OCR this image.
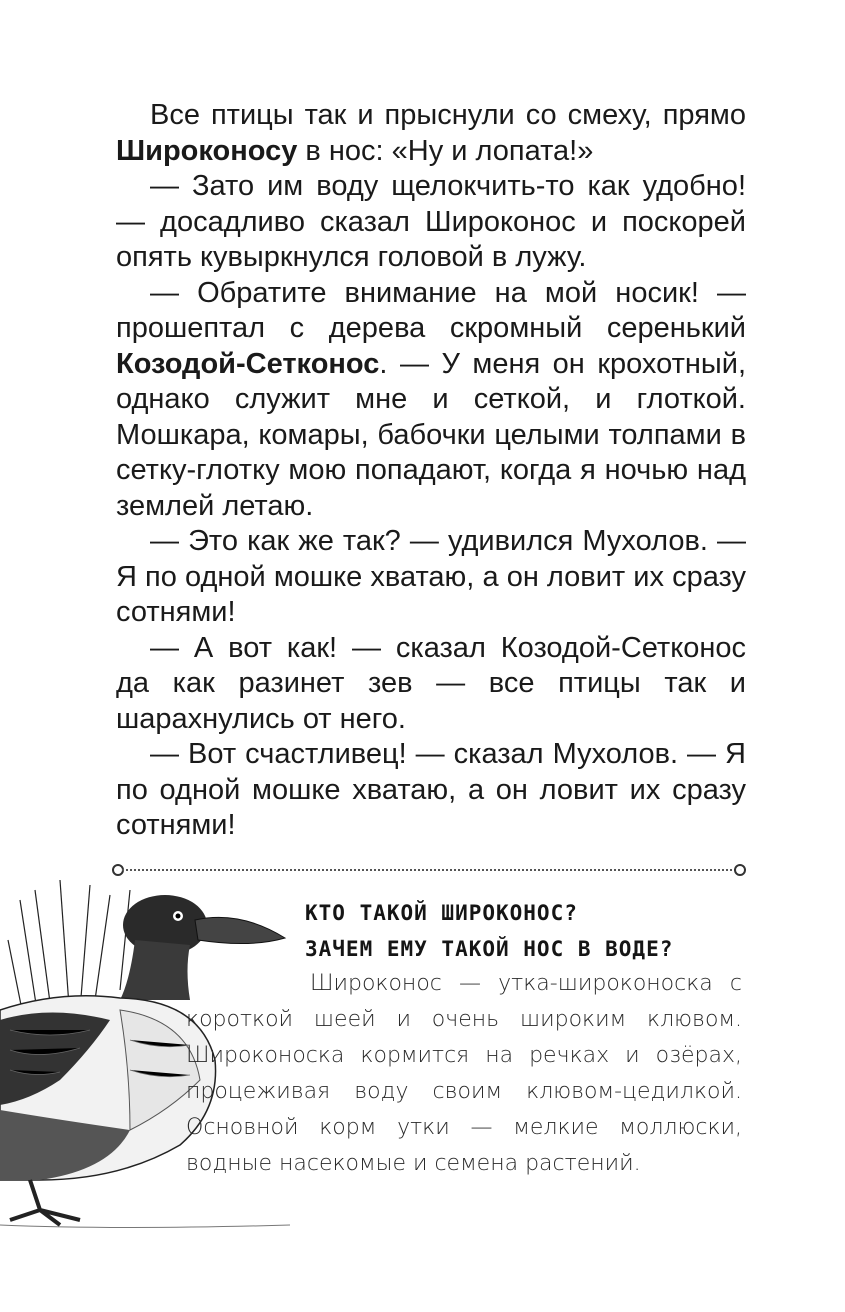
Все птицы так и прыснули со смеху, прямо Широконосу в нос: «Ну и лопата!»

— Зато им воду щелокчить-то как удобно! — досадливо сказал Широконос и поскорей опять кувыркнулся головой в лужу.

— Обратите внимание на мой носик! — прошептал с дерева скромный серенький Козодой-Сетконос. — У меня он крохотный, однако служит мне и сеткой, и глоткой. Мошкара, комары, бабочки целыми толпами в сетку-глотку мою попадают, когда я ночью над землей летаю.

— Это как же так? — удивился Мухолов. — Я по одной мошке хватаю, а он ловит их сразу сотнями!

— А вот как! — сказал Козодой-Сетконос да как разинет зев — все птицы так и шарахнулись от него.

— Вот счастливец! — сказал Мухолов. — Я по одной мошке хватаю, а он ловит их сразу сотнями!

КТО ТАКОЙ ШИРОКОНОС?
ЗАЧЕМ ЕМУ ТАКОЙ НОС В ВОДЕ?
Широконос — утка-широконоска с короткой шеей и очень широким клювом. Широконоска кормится на речках и озёрах, процеживая воду своим клювом-цедилкой. Основной корм утки — мелкие моллюски, водные насекомые и семена растений.
